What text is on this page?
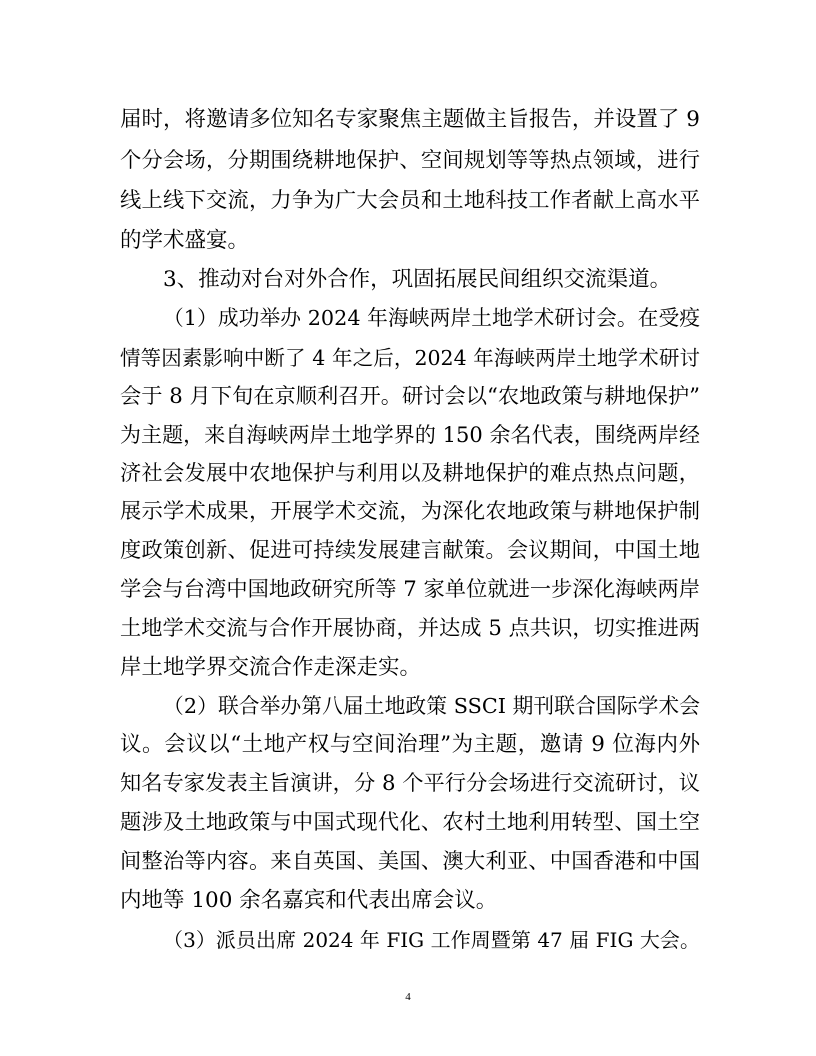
届时，将邀请多位知名专家聚焦主题做主旨报告，并设置了 9
个分会场，分期围绕耕地保护、空间规划等等热点领域，进行
线上线下交流，力争为广大会员和土地科技工作者献上高水平
的学术盛宴。
3、推动对台对外合作，巩固拓展民间组织交流渠道。
（1）成功举办 2024 年海峡两岸土地学术研讨会。在受疫
情等因素影响中断了 4 年之后，2024 年海峡两岸土地学术研讨
会于 8 月下旬在京顺利召开。研讨会以“农地政策与耕地保护”
为主题，来自海峡两岸土地学界的 150 余名代表，围绕两岸经
济社会发展中农地保护与利用以及耕地保护的难点热点问题，
展示学术成果，开展学术交流，为深化农地政策与耕地保护制
度政策创新、促进可持续发展建言献策。会议期间，中国土地
学会与台湾中国地政研究所等 7 家单位就进一步深化海峡两岸
土地学术交流与合作开展协商，并达成 5 点共识，切实推进两
岸土地学界交流合作走深走实。
（2）联合举办第八届土地政策 SSCI 期刊联合国际学术会
议。会议以“土地产权与空间治理”为主题，邀请 9 位海内外
知名专家发表主旨演讲，分 8 个平行分会场进行交流研讨，议
题涉及土地政策与中国式现代化、农村土地利用转型、国土空
间整治等内容。来自英国、美国、澳大利亚、中国香港和中国
内地等 100 余名嘉宾和代表出席会议。
（3）派员出席 2024 年 FIG 工作周暨第 47 届 FIG 大会。
4
